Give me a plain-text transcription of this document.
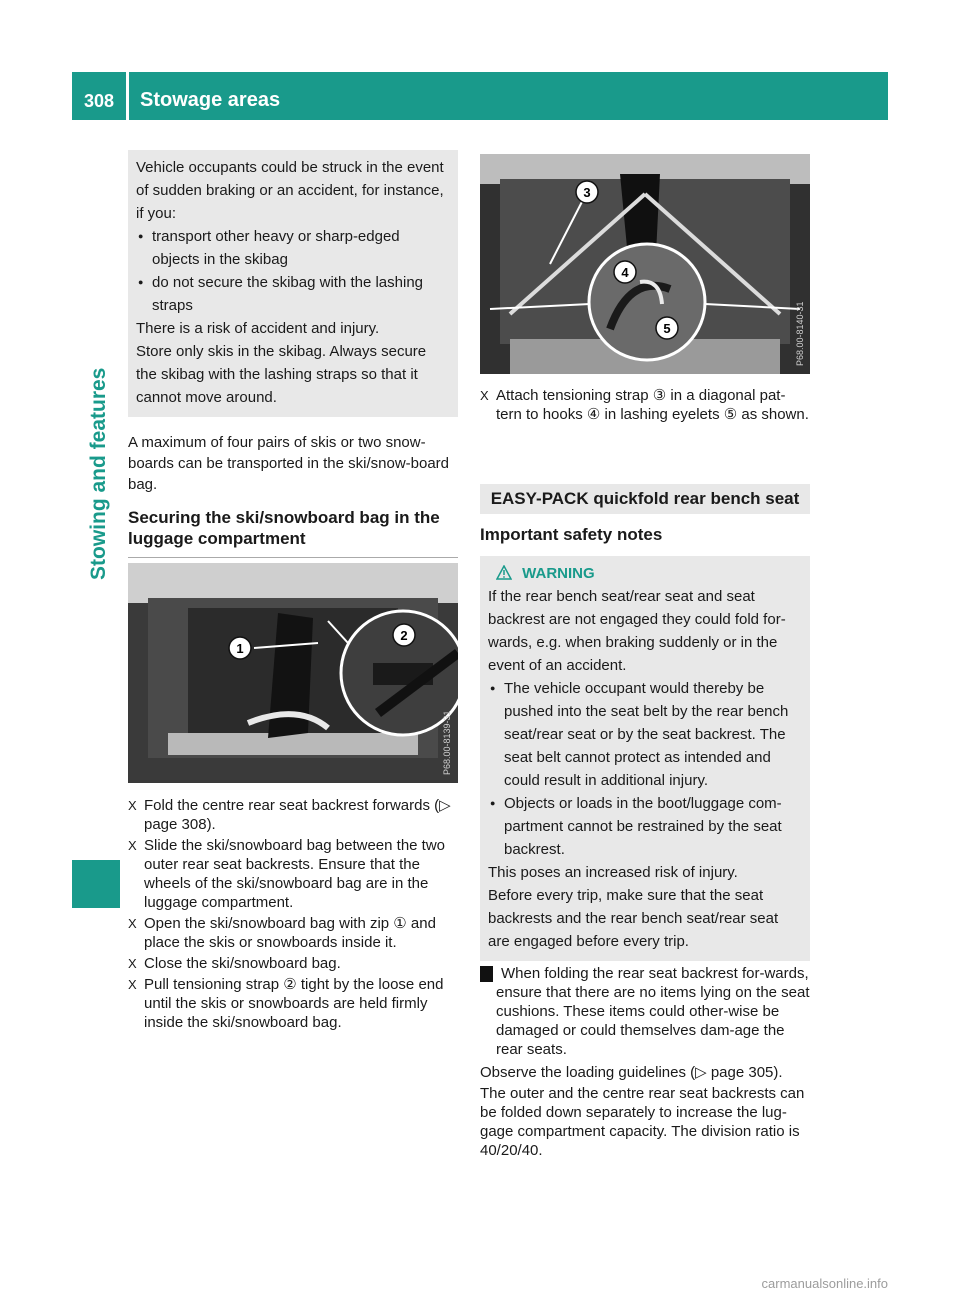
308	Stowage areas
Stowing and features

Vehicle occupants could be struck in the event of sudden braking or an accident, for instance, if you:

● transport other heavy or sharp-edged objects in the skibag

● do not secure the skibag with the lashing straps

There is a risk of accident and injury.

Store only skis in the skibag. Always secure the skibag with the lashing straps so that it cannot move around.

A maximum of four pairs of skis or two snow-boards can be transported in the ski/snow-board bag.

Securing the ski/snowboard bag in the luggage compartment
1
2
P68.00-8139-31

X Fold the centre rear seat backrest forwards (▷ page 308).

X Slide the ski/snowboard bag between the two outer rear seat backrests. Ensure that the wheels of the ski/snowboard bag are in the luggage compartment.

X Open the ski/snowboard bag with zip ① and place the skis or snowboards inside it.

X Close the ski/snowboard bag.

X Pull tensioning strap ② tight by the loose end until the skis or snowboards are held firmly inside the ski/snowboard bag.

3
4
5	P68.00-8140-31

X Attach tensioning strap ③ in a diagonal pat-tern to hooks ④ in lashing eyelets ⑤ as shown.

EASY-PACK quickfold rear bench seat
Important safety notes

WARNING

If the rear bench seat/rear seat and seat backrest are not engaged they could fold for-wards, e.g. when braking suddenly or in the event of an accident.

● The vehicle occupant would thereby be pushed into the seat belt by the rear bench seat/rear seat or by the seat backrest. The seat belt cannot protect as intended and could result in additional injury.

● Objects or loads in the boot/luggage com-partment cannot be restrained by the seat backrest.

This poses an increased risk of injury.

Before every trip, make sure that the seat backrests and the rear bench seat/rear seat are engaged before every trip.

! When folding the rear seat backrest for-wards, ensure that there are no items lying on the seat cushions. These items could other-wise be damaged or could themselves dam-age the rear seats.

Observe the loading guidelines (▷ page 305).

The outer and the centre rear seat backrests can be folded down separately to increase the lug-gage compartment capacity. The division ratio is 40/20/40.

carmanualsonline.info
